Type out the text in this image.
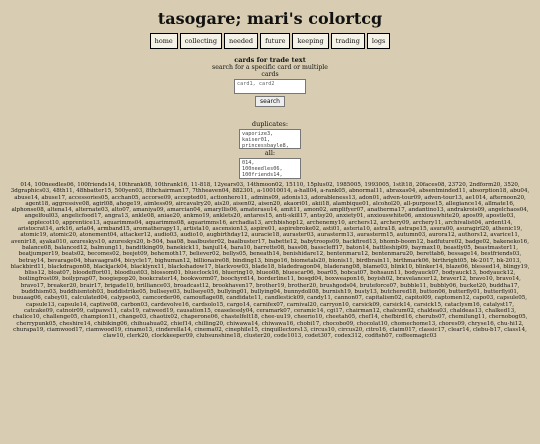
tasogare; mari's colortcg
home	collecting	needed	future	keeping	trading	logs
cards for trade text
search for a specific card or multiple cards
card1, card2
search
duplicates:
vaporize3, kaiser01, princessbayle8,
all:
014, 100needles06, 100friends14,
014, 100needles06, 100friends14, 10thrank08, 10thrank16, 11-818, 12years03, 14thmoon02, 15110, 15plus02, 1985005, 1993005, 1stlt18, 20faces08, 23720, 2ndform20, 3520, 3dgraphics03, 48th11, 48hbatter15, 500yen03, 8thchairman17, 7thheaven04, 882301, a-10010014, a-hall04, a-rank05, abnormal11, abraxas04, absentminded11, absorption18, abu04, abuse14, abuse17, accessories05, acchan05, accorse09, accepted01, actionhero11, admins09, adonis13, adorableness13, adon01, adven-tour09, adven-tour13, ae1014, afternoon20, agent18, aggressive08, agirl08, ahoge19, aimless09, aircavalry20, ais20, aisen02, aisen20, akaori01, akii18, alambique01, alcohol20, all-purpose15, allegiance14, allmate16, alphonse08, altena14, alternate03, alto07, amaniya09, amarcian04, amaryllis06, amaterasu14, amit11, amon02, amplifyer07, anatherma17, andantino13, andrakrois09, angelchaos04, angelfoul03, angelicfood17, angra13, ankle08, aniae20, ankmo19, anklets20, antares15, anti-skill17, antsy20, anxiety01, anxiouswhite06, anxiouswhite20, apos09, apostle03, applecot10, apprentice13, aquarimms04, aquarimms08, aquarimms16, archadia13, archbishop12, archenemy10, archers12, archery09, archery11, archivalist04, ardent14, aristocrat14, ark16, arla04, armband15, aromatherapy11, artista10, ascension13, aspire01, aspirebroke02, asti01, asteria10, astra18, astrape15, asura00, asuragirl20, athenic19, atomic19, atomic20, atonement04, attacker12, audio03, audio10, augbirthday12, auracie18, auraster03, aurasterm13, aurasterm15, autumn03, aurora12, authors12, avarice11, avenir18, ayaka010, azureskys10, azureskys20, b-504, baa08, baalbuster02, baalbuster17, babette12, babytroops09, backfired13, bhomb-boom12, badfuture02, badge02, bakeneko16, balance08, balanced12, balmung11, banditking09, banekick11, banjul14, bara10, barrette08, bass08, basscleff17, baton14, battleship09, baymax10, beastly05, beastmaster11, beatjumper19, beats02, becomes02, beejet09, behemoth17, believer02, bellys05, beneath14, benishidare12, bentenmaru12, bentenmaru20, berettab6, bessage14, bestfriends03, betray14, bevarage04, bhavaagra04, bicycle17, bighuman12, billionaire08, binding13, bingo16, biometals20, bionis11, birdbrain11, birthmark06, birthright05, bk-2017, bk-2013, blackbird11, blackdragon08, blackjack04, blacklynx11, blackshadow17, blackvow03, blade18, bladedragon04, bladerang08, blame03, blink10, blinker14, blaze06, blessed14, blingy19, bliss12, bloat07, bloodeffort01, bloodlust03, blossom01, blueclock16, bluering10, blueo08, bluescar06, boar05, bobcat07, bohsaun11, bodyauck07, bodyauck13, bodyauck12, boilingfrost09, boilyprap07, boogiepop20, bookcrater14, bookworm07, boochyrd14, borderline11, bosqd04, boxweapon16, boyish02, bravelancer12, braver12, bravo10, bravo14, bravo17, breaker20, brair17, brigade10, brilliance03, broadcast12, brookhaven17, brother19, brother20, brushgods04, bruteforce07, bubble11, bubbly06, bucket20, buddha17, buddhism03, buddhismtoh03, buddistrike05, bullseye03, bullseye05, bullying01, bullying04, bunnydoll08, burnish19, busty13, butchered18, button06, butterfly01, butterflyi01, buuaag06, cabey01, calculated04, calypso03, camcorder06, camouflage08, candidate11, candlestick09, candy11, cannon07, capitalism02, capitol09, captomen12, capo03, capsule05, capsule13, capsule14, captive08, carbon03, cardevolve16, cardsolo15, cargo14, carnifex07, carnival20, carryon10, carsick09, carsick14, carsick15, cataclysm16, catalyst17, catcake09, catnoir09, catpaws11, cats19, catweed19, causation15, ceaselessly04, ceramark07, ceramic14, cgi17, chairman12, chalcum02, chaldea03, chaldeas13, chalked13, chalice10, challenge05, champion11, change03, chaotix02, chaperone06, chastelfelt18, chee-uu19, cheerio10, cheetah05, chef14, chefbird16, cherubs07, chemilung11, chernobog05, cherrypunk05, cheshire14, chibiking06, chihuahua02, chief14, chilling20, chiwawa14, chiwawa16, chobi17, chocobo09, chocolat10, chomechome13, chores09, chryse16, chu-hi12, churapa19, ciamwood17, ciamwood19, cinamo13, cinderella14, cinema02, cinephile15, cinquillectors13, circus10, circus20, citro16, claim017, classic17, clear14, clebu-b17, class14, claw10, clerk20, clockkeeper09, clubsunshine18, cluster20, code1013, codet307, codex312, codfish07, coffeemagic03
